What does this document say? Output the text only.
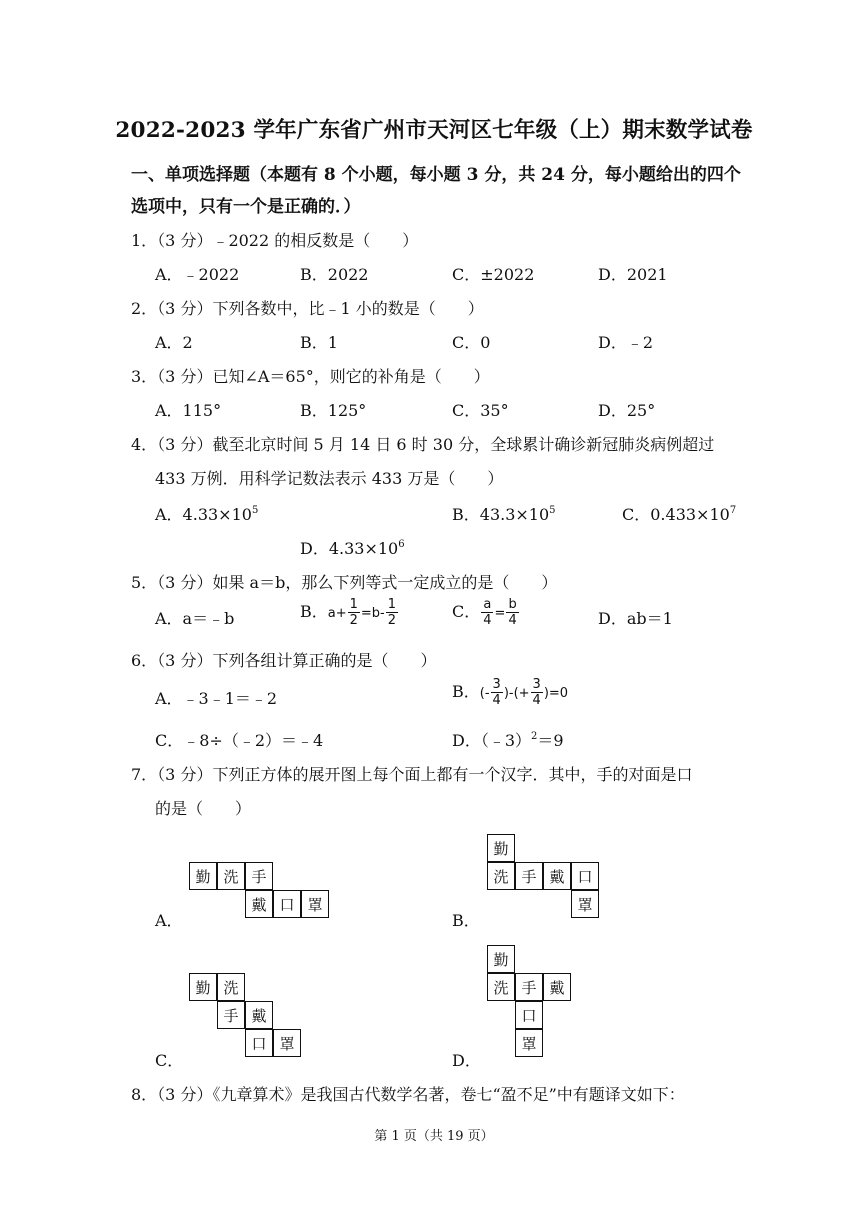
2022-2023 学年广东省广州市天河区七年级（上）期末数学试卷
一、单项选择题（本题有 8 个小题，每小题 3 分，共 24 分，每小题给出的四个
选项中，只有一个是正确的．）
1．（3 分）﹣2022 的相反数是（　　）
A．﹣2022	B．2022	C．±2022	D．2021
2．（3 分）下列各数中，比﹣1 小的数是（　　）
A．2	B．1	C．0	D．﹣2
3．（3 分）已知∠A＝65°，则它的补角是（　　）
A．115°	B．125°	C．35°	D．25°
4．（3 分）截至北京时间 5 月 14 日 6 时 30 分，全球累计确诊新冠肺炎病例超过
433 万例．用科学记数法表示 433 万是（　　）
A．$4.33\times 10^5$	B．$43.3\times 10^5$	C．$0.433\times 10^7$
D．$4.33\times 10^6$
5．（3 分）如果 a＝b，那么下列等式一定成立的是（　　）
A．a＝﹣b	B．$a+ \frac{1}{2} =b- \frac{1}{2}$	C． $\frac{a}{4} = \frac{b}{4}$	D．ab＝1
6．（3 分）下列各组计算正确的是（　　）
A．﹣3﹣1＝﹣2	B．(- $\frac{3}{4}$ )-(+ $\frac{3}{4} )=0$
C．﹣8÷（﹣2）＝﹣4	D．（﹣3）$^2$＝9
7．（3 分）下列正方体的展开图上每个面上都有一个汉字．其中，手的对面是口
的是（　　）
A．
勤 洗 手
戴 口 罩
B．
勤
洗 手 戴 口
罩
C．
勤 洗
手 戴
口 罩
D．
勤
洗 手 戴
口
罩
8．（3 分）《九章算术》是我国古代数学名著，卷七“盈不足”中有题译文如下：
第 1 页（共 19 页）
